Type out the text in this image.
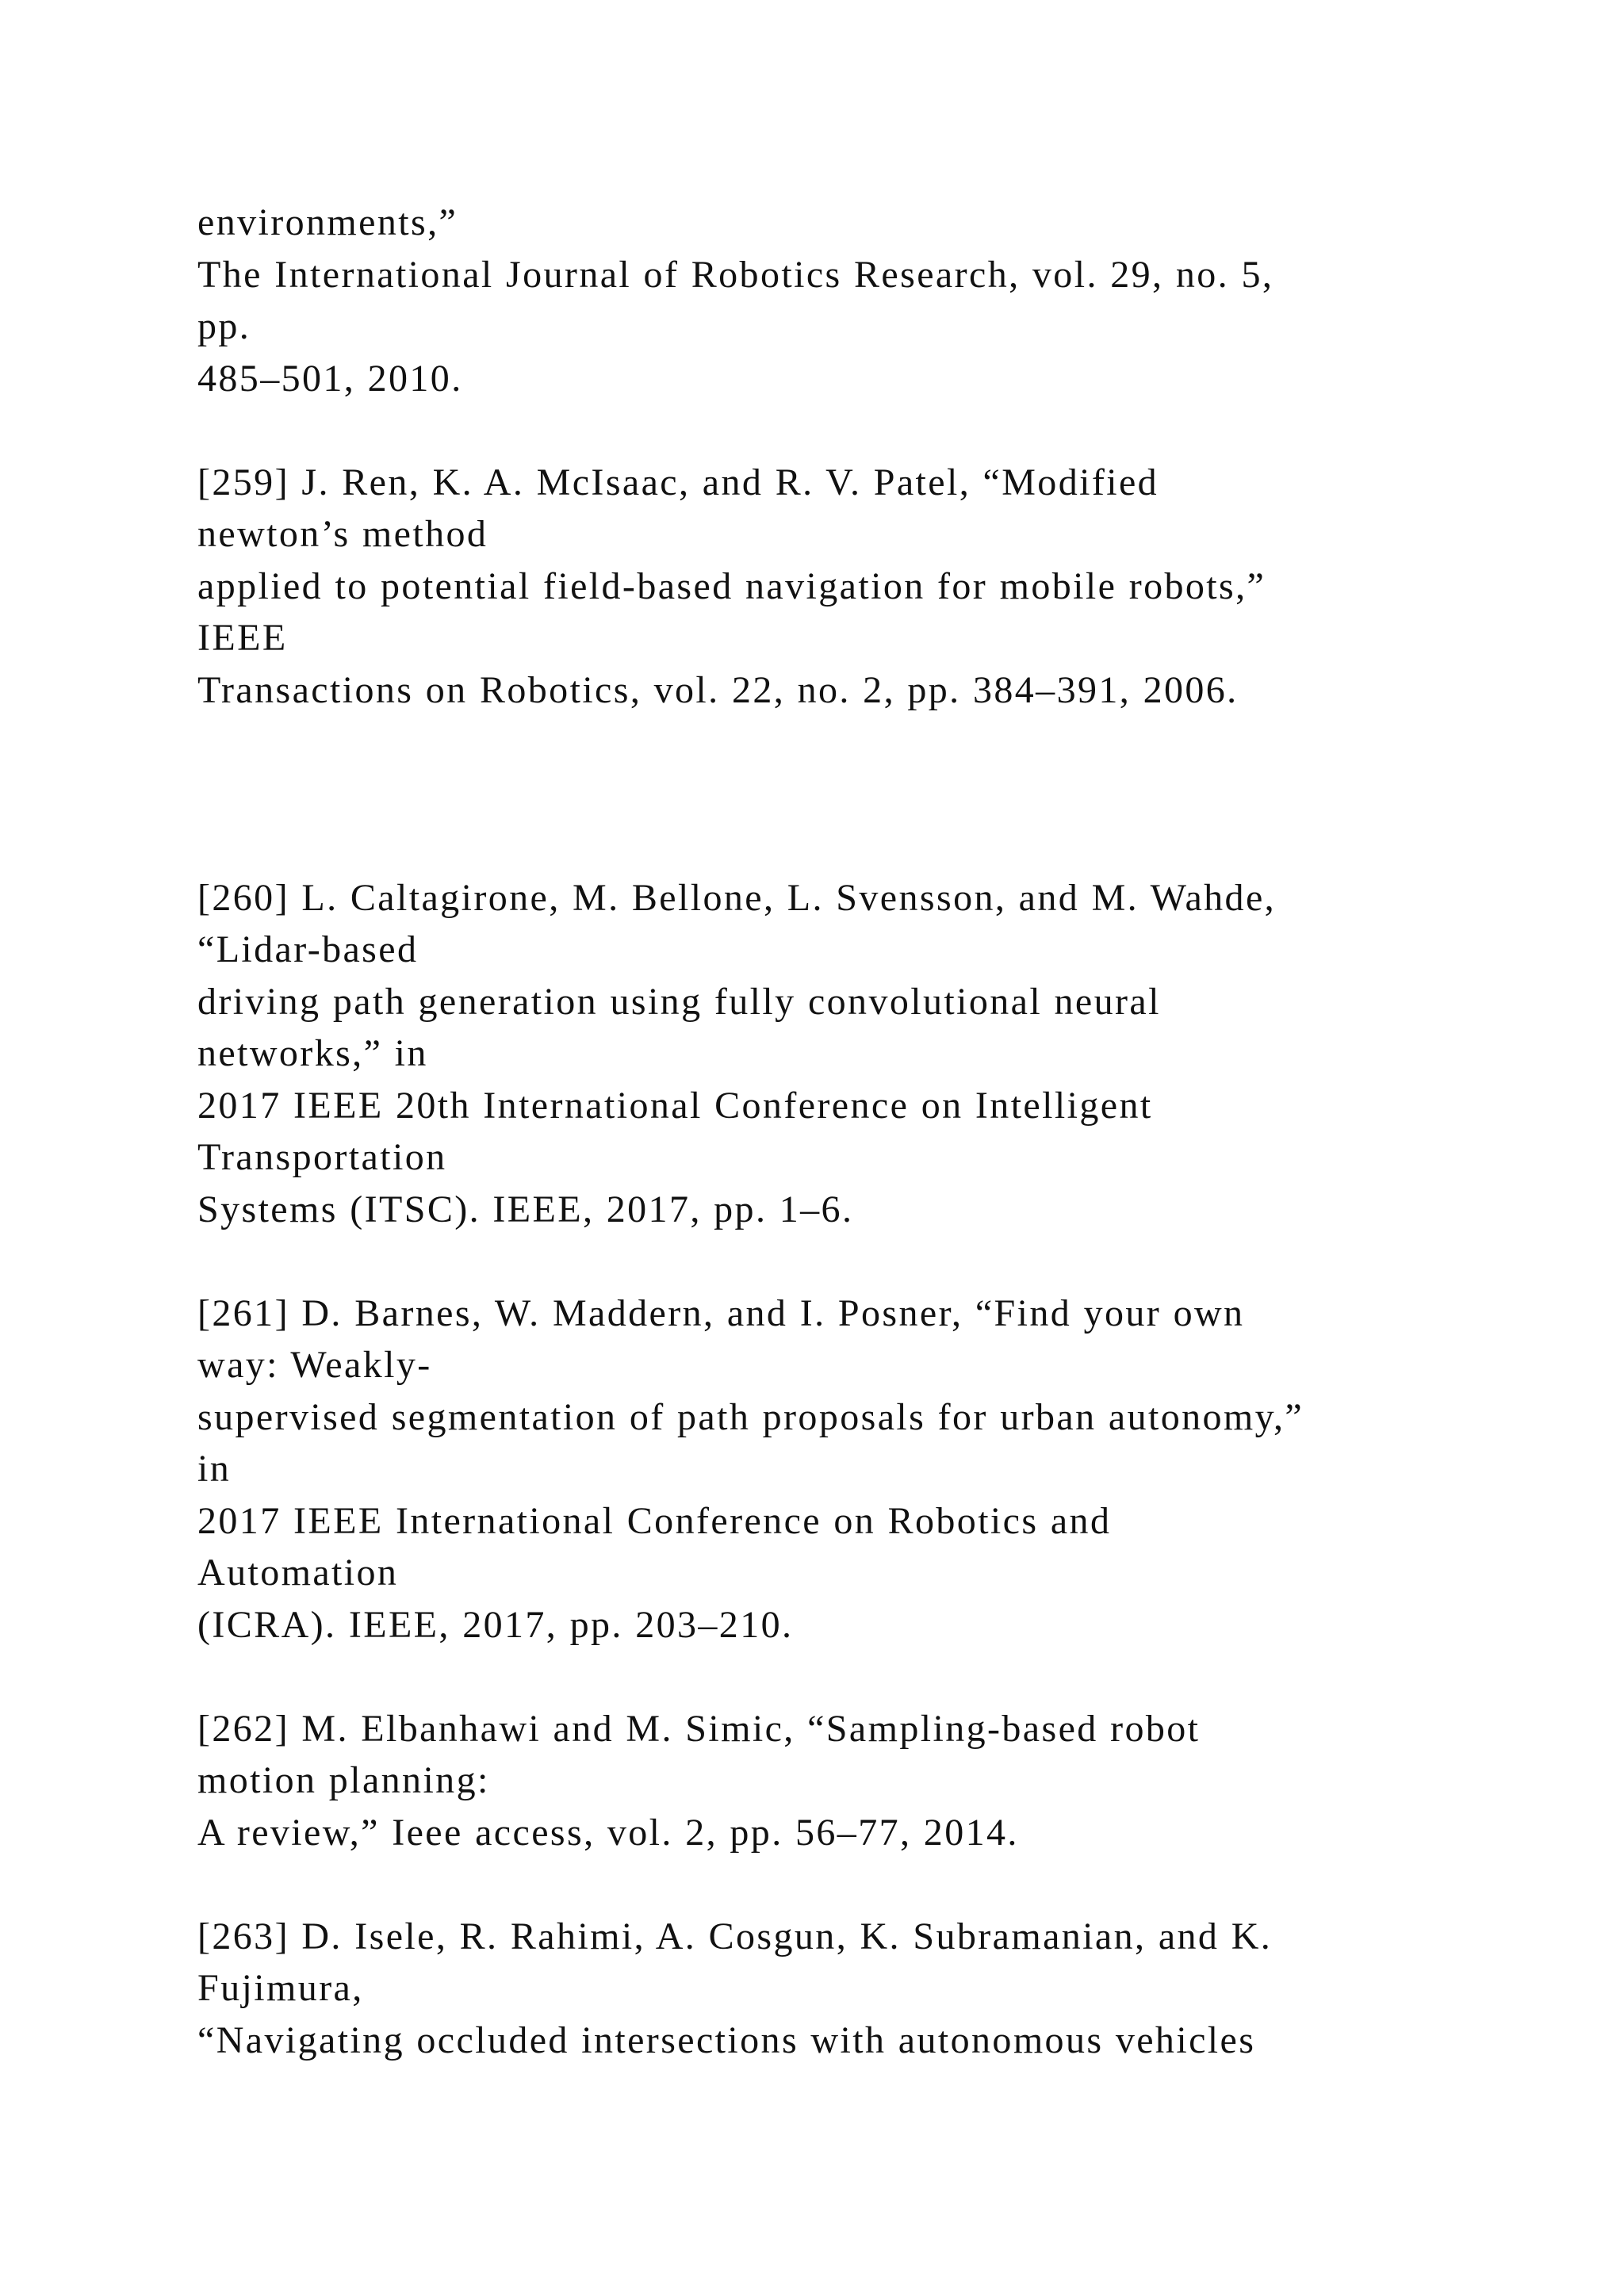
environments,”
The International Journal of Robotics Research, vol. 29, no. 5,
pp.
485–501, 2010.
[259] J. Ren, K. A. McIsaac, and R. V. Patel, “Modified
newton’s method
applied to potential field-based navigation for mobile robots,”
IEEE
Transactions on Robotics, vol. 22, no. 2, pp. 384–391, 2006.
[260] L. Caltagirone, M. Bellone, L. Svensson, and M. Wahde,
“Lidar-based
driving path generation using fully convolutional neural
networks,” in
2017 IEEE 20th International Conference on Intelligent
Transportation
Systems (ITSC). IEEE, 2017, pp. 1–6.
[261] D. Barnes, W. Maddern, and I. Posner, “Find your own
way: Weakly-
supervised segmentation of path proposals for urban autonomy,”
in
2017 IEEE International Conference on Robotics and
Automation
(ICRA). IEEE, 2017, pp. 203–210.
[262] M. Elbanhawi and M. Simic, “Sampling-based robot
motion planning:
A review,” Ieee access, vol. 2, pp. 56–77, 2014.
[263] D. Isele, R. Rahimi, A. Cosgun, K. Subramanian, and K.
Fujimura,
“Navigating occluded intersections with autonomous vehicles
